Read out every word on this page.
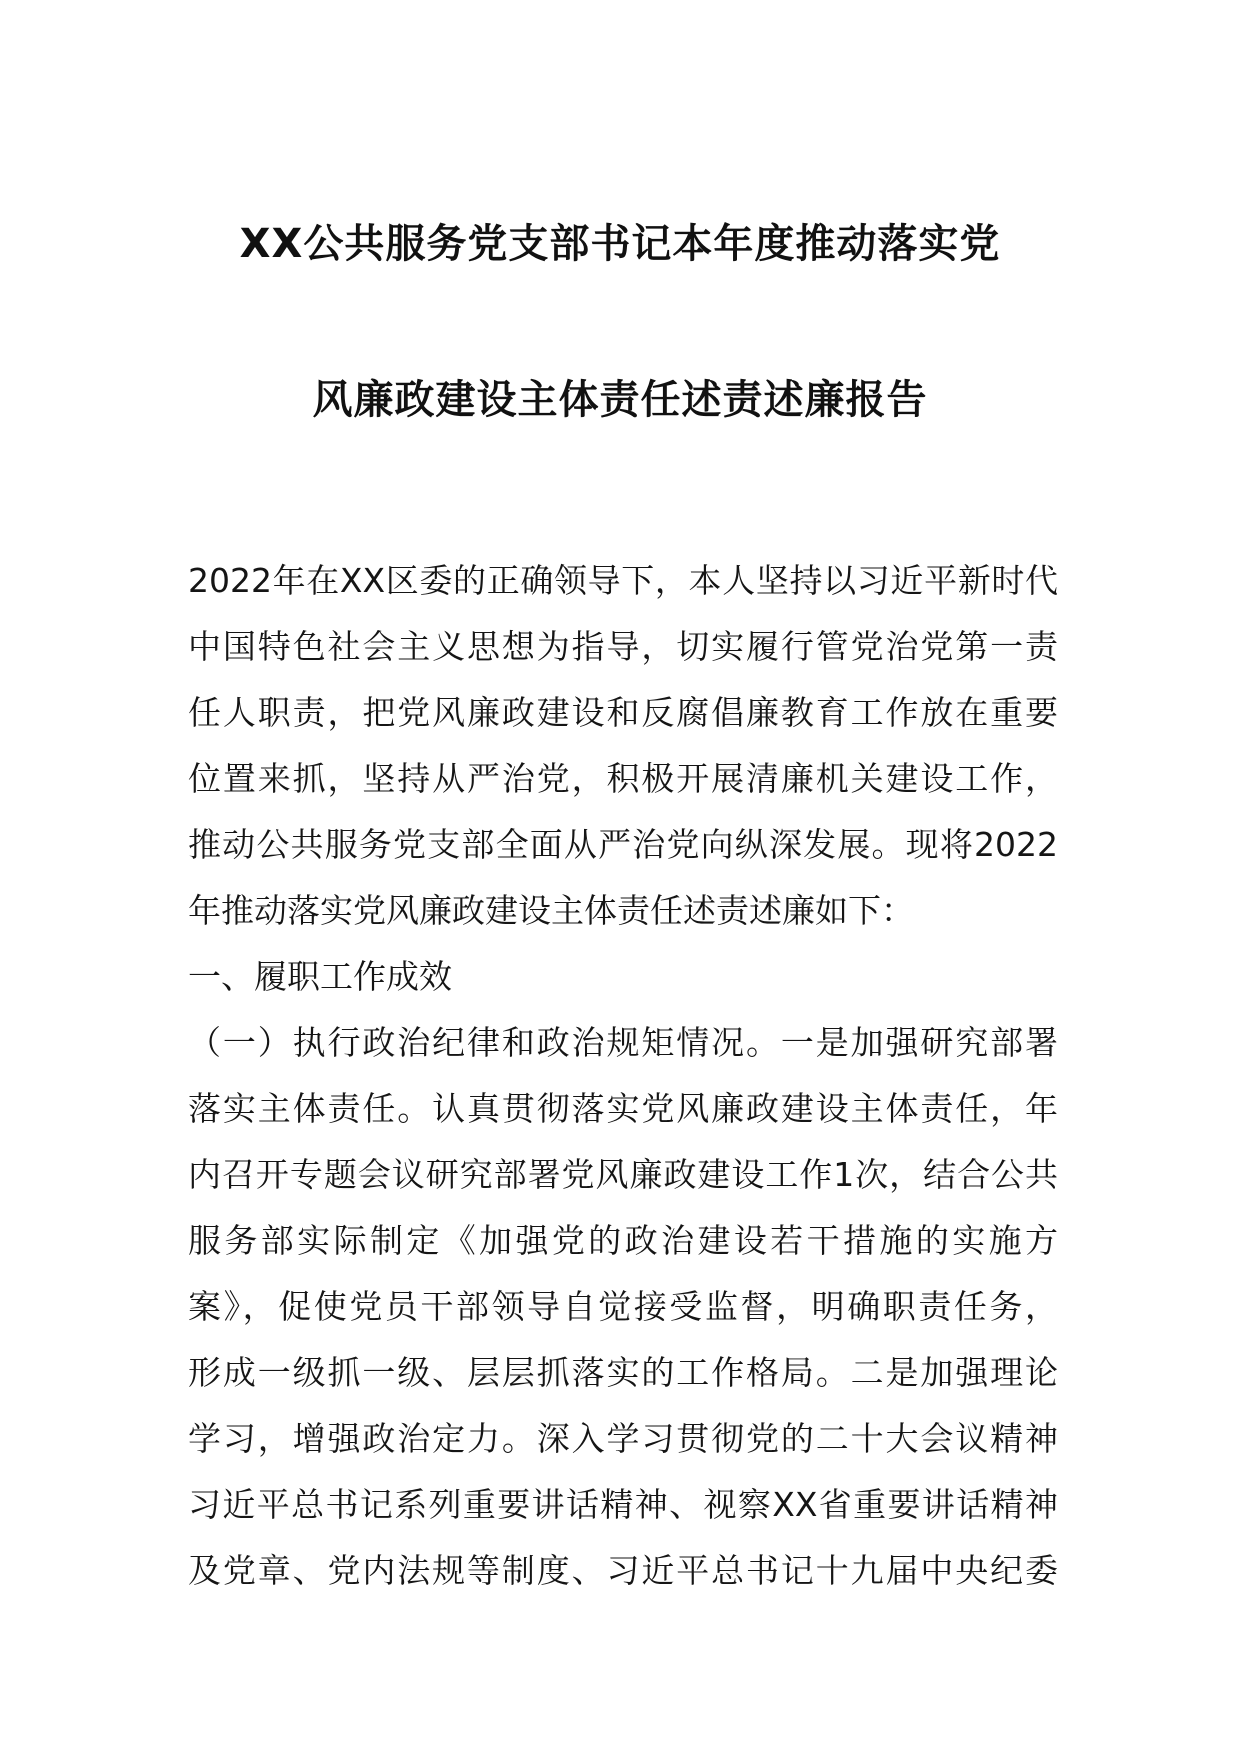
XX公共服务党支部书记本年度推动落实党
风廉政建设主体责任述责述廉报告
2022年在XX区委的正确领导下，本人坚持以习近平新时代
中国特色社会主义思想为指导，切实履行管党治党第一责
任人职责，把党风廉政建设和反腐倡廉教育工作放在重要
位置来抓，坚持从严治党，积极开展清廉机关建设工作，
推动公共服务党支部全面从严治党向纵深发展。现将2022
年推动落实党风廉政建设主体责任述责述廉如下：
一、履职工作成效
（一）执行政治纪律和政治规矩情况。一是加强研究部署
落实主体责任。认真贯彻落实党风廉政建设主体责任，年
内召开专题会议研究部署党风廉政建设工作1次，结合公共
服务部实际制定《加强党的政治建设若干措施的实施方
案》，促使党员干部领导自觉接受监督，明确职责任务，
形成一级抓一级、层层抓落实的工作格局。二是加强理论
学习，增强政治定力。深入学习贯彻党的二十大会议精神
习近平总书记系列重要讲话精神、视察XX省重要讲话精神
及党章、党内法规等制度、习近平总书记十九届中央纪委
